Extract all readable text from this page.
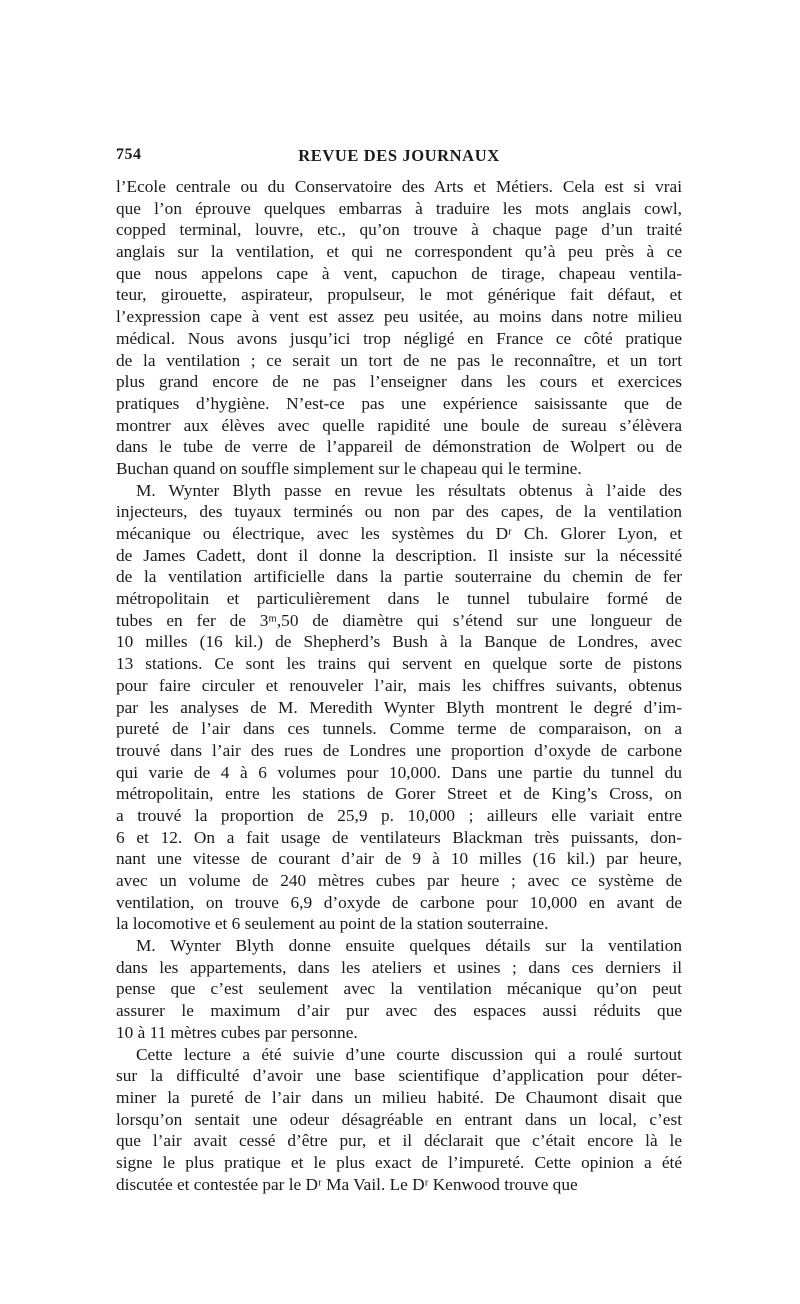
754	REVUE DES JOURNAUX
l’Ecole centrale ou du Conservatoire des Arts et Métiers. Cela est si vrai
que l’on éprouve quelques embarras à traduire les mots anglais cowl,
copped terminal, louvre, etc., qu’on trouve à chaque page d’un traité
anglais sur la ventilation, et qui ne correspondent qu’à peu près à ce
que nous appelons cape à vent, capuchon de tirage, chapeau ventila-
teur, girouette, aspirateur, propulseur, le mot générique fait défaut, et
l’expression cape à vent est assez peu usitée, au moins dans notre milieu
médical. Nous avons jusqu’ici trop négligé en France ce côté pratique
de la ventilation ; ce serait un tort de ne pas le reconnaître, et un tort
plus grand encore de ne pas l’enseigner dans les cours et exercices
pratiques d’hygiène. N’est-ce pas une expérience saisissante que de
montrer aux élèves avec quelle rapidité une boule de sureau s’élèvera
dans le tube de verre de l’appareil de démonstration de Wolpert ou de
Buchan quand on souffle simplement sur le chapeau qui le termine.
M. Wynter Blyth passe en revue les résultats obtenus à l’aide des
injecteurs, des tuyaux terminés ou non par des capes, de la ventilation
mécanique ou électrique, avec les systèmes du Dʳ Ch. Glorer Lyon, et
de James Cadett, dont il donne la description. Il insiste sur la nécessité
de la ventilation artificielle dans la partie souterraine du chemin de fer
métropolitain et particulièrement dans le tunnel tubulaire formé de
tubes en fer de 3ᵐ,50 de diamètre qui s’étend sur une longueur de
10 milles (16 kil.) de Shepherd’s Bush à la Banque de Londres, avec
13 stations. Ce sont les trains qui servent en quelque sorte de pistons
pour faire circuler et renouveler l’air, mais les chiffres suivants, obtenus
par les analyses de M. Meredith Wynter Blyth montrent le degré d’im-
pureté de l’air dans ces tunnels. Comme terme de comparaison, on a
trouvé dans l’air des rues de Londres une proportion d’oxyde de carbone
qui varie de 4 à 6 volumes pour 10,000. Dans une partie du tunnel du
métropolitain, entre les stations de Gorer Street et de King’s Cross, on
a trouvé la proportion de 25,9 p. 10,000 ; ailleurs elle variait entre
6 et 12. On a fait usage de ventilateurs Blackman très puissants, don-
nant une vitesse de courant d’air de 9 à 10 milles (16 kil.) par heure,
avec un volume de 240 mètres cubes par heure ; avec ce système de
ventilation, on trouve 6,9 d’oxyde de carbone pour 10,000 en avant de
la locomotive et 6 seulement au point de la station souterraine.
M. Wynter Blyth donne ensuite quelques détails sur la ventilation
dans les appartements, dans les ateliers et usines ; dans ces derniers il
pense que c’est seulement avec la ventilation mécanique qu’on peut
assurer le maximum d’air pur avec des espaces aussi réduits que
10 à 11 mètres cubes par personne.
Cette lecture a été suivie d’une courte discussion qui a roulé surtout
sur la difficulté d’avoir une base scientifique d’application pour déter-
miner la pureté de l’air dans un milieu habité. De Chaumont disait que
lorsqu’on sentait une odeur désagréable en entrant dans un local, c’est
que l’air avait cessé d’être pur, et il déclarait que c’était encore là le
signe le plus pratique et le plus exact de l’impureté. Cette opinion a été
discutée et contestée par le Dʳ Ma Vail. Le Dʳ Kenwood trouve que
